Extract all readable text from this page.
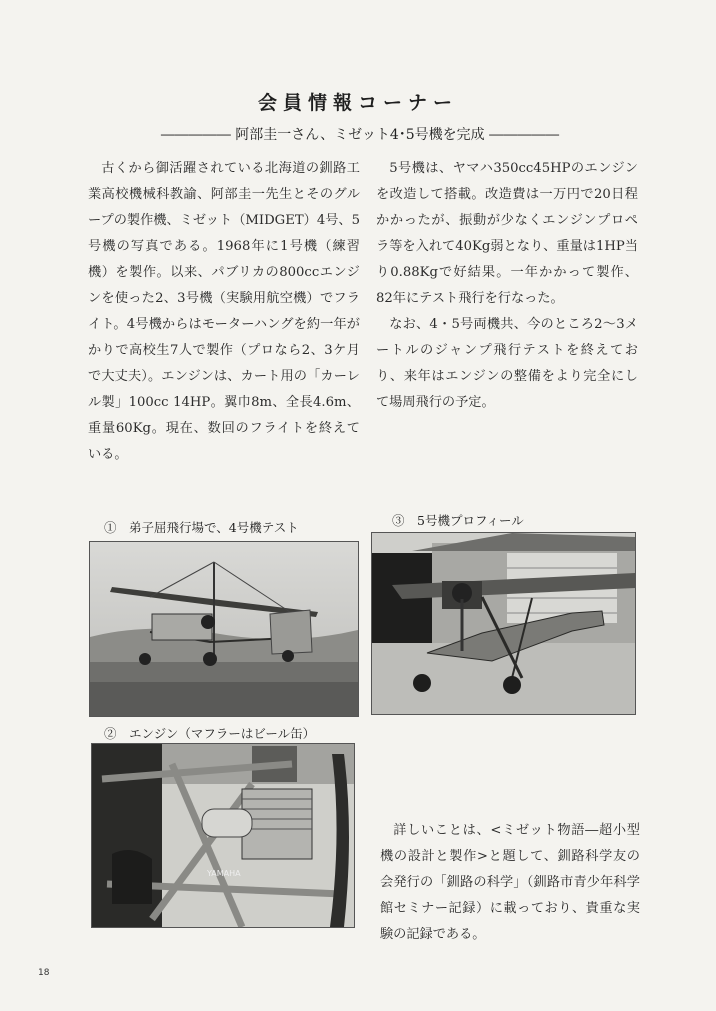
会員情報コーナー
――――― 阿部圭一さん、ミゼット4･5号機を完成 ―――――

古くから御活躍されている北海道の釧路工業高校機械科教諭、阿部圭一先生とそのグループの製作機、ミゼット（MIDGET）4号、5号機の写真である。1968年に1号機（練習機）を製作。以来、パブリカの800ccエンジンを使った2、3号機（実験用航空機）でフライト。4号機からはモーターハングを約一年がかりで高校生7人で製作（プロなら2、3ケ月で大丈夫）。エンジンは、カート用の「カーレル製」100cc 14HP。翼巾8m、全長4.6m、重量60Kg。現在、数回のフライトを終えている。

5号機は、ヤマハ350cc45HPのエンジンを改造して搭載。改造費は一万円で20日程かかったが、振動が少なくエンジンプロペラ等を入れて40Kg弱となり、重量は1HP当り0.88Kgで好結果。一年かかって製作、82年にテスト飛行を行なった。

なお、4・5号両機共、今のところ2〜3メートルのジャンプ飛行テストを終えており、来年はエンジンの整備をより完全にして場周飛行の予定。

①　弟子屈飛行場で、4号機テスト	③　5号機プロフィール
②　エンジン（マフラーはビール缶）
YAMAHA

詳しいことは、<ミゼット物語―超小型機の設計と製作>と題して、釧路科学友の会発行の「釧路の科学」（釧路市青少年科学館セミナー記録）に載っており、貴重な実験の記録である。

18
